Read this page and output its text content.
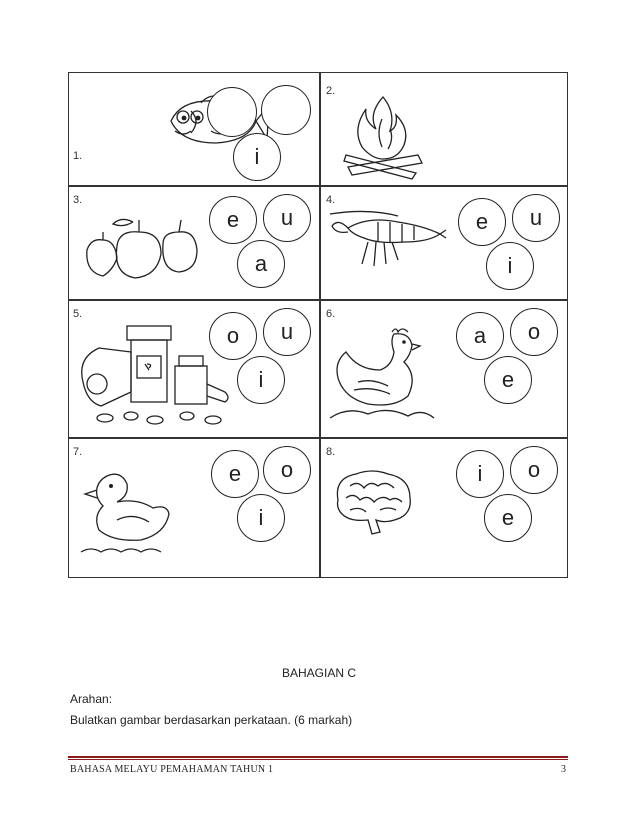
1.	i
2.
3.
e u
a
4.
e u
i
5.
o u
i
6.
a o
e
7.
e o
i
8.
i o
e
BAHAGIAN C
Arahan:
Bulatkan gambar berdasarkan perkataan. (6 markah)
BAHASA MELAYU PEMAHAMAN TAHUN 1	3
